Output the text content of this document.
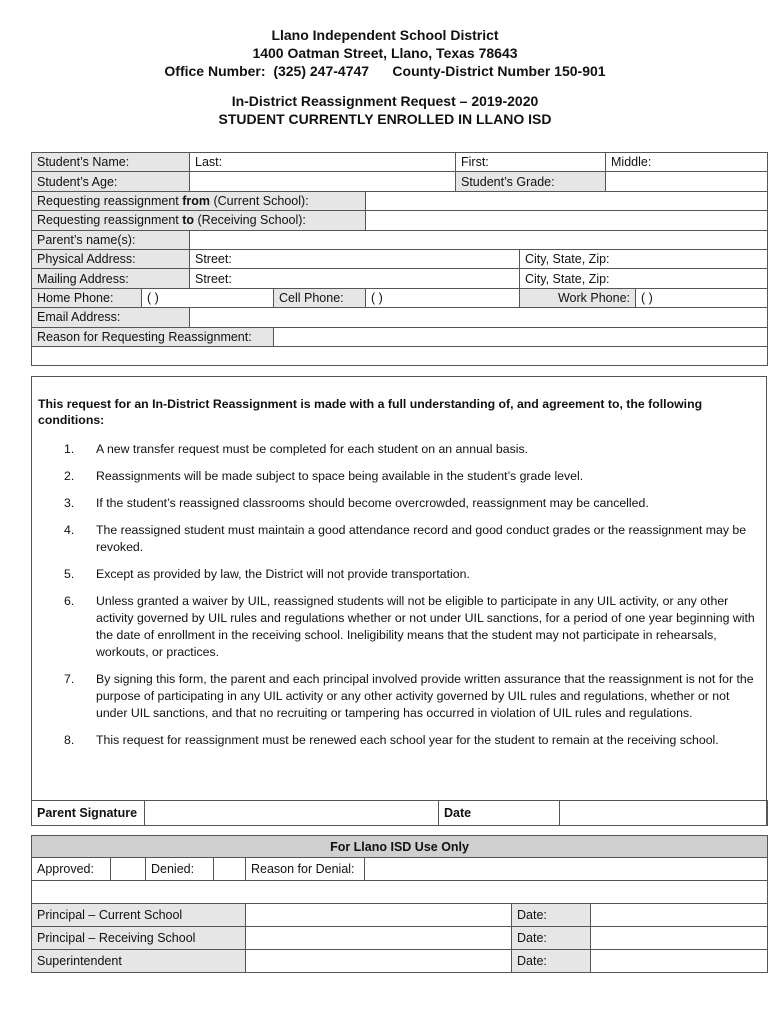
Llano Independent School District
1400 Oatman Street, Llano, Texas 78643
Office Number:  (325) 247-4747      County-District Number 150-901
In-District Reassignment Request – 2019-2020
STUDENT CURRENTLY ENROLLED IN LLANO ISD
Student’s Name:		Last:			First:		Middle:	
Student’s Age:					Student’s Grade:			
Requesting reassignment from (Current School):								
Requesting reassignment to (Receiving School):								
Parent’s name(s):								
Physical Address:		Street:				City, State, Zip:		
Mailing Address:		Street:				City, State, Zip:		
Home Phone:	( )		Cell Phone:	( )		Work Phone:		( )
Email Address:								
Reason for Requesting Reassignment:								

This request for an In-District Reassignment is made with a full understanding of, and agreement to, the following conditions:
1. A new transfer request must be completed for each student on an annual basis.
2. Reassignments will be made subject to space being available in the student’s grade level.
3. If the student’s reassigned classrooms should become overcrowded, reassignment may be cancelled.
4. The reassigned student must maintain a good attendance record and good conduct grades or the reassignment may be revoked.
5. Except as provided by law, the District will not provide transportation.
6. Unless granted a waiver by UIL, reassigned students will not be eligible to participate in any UIL activity, or any other activity governed by UIL rules and regulations whether or not under UIL sanctions, for a period of one year beginning with the date of enrollment in the receiving school. Ineligibility means that the student may not participate in rehearsals, workouts, or practices.
7. By signing this form, the parent and each principal involved provide written assurance that the reassignment is not for the purpose of participating in any UIL activity or any other activity governed by UIL rules and regulations, whether or not under UIL sanctions, and that no recruiting or tampering has occurred in violation of UIL rules and regulations.
8. This request for reassignment must be renewed each school year for the student to remain at the receiving school.
Parent Signature		Date	
For Llano ISD Use Only							
Approved:		Denied:		Reason for Denial:			

Principal – Current School						Date:	
Principal – Receiving School						Date:	
Superintendent						Date:	
